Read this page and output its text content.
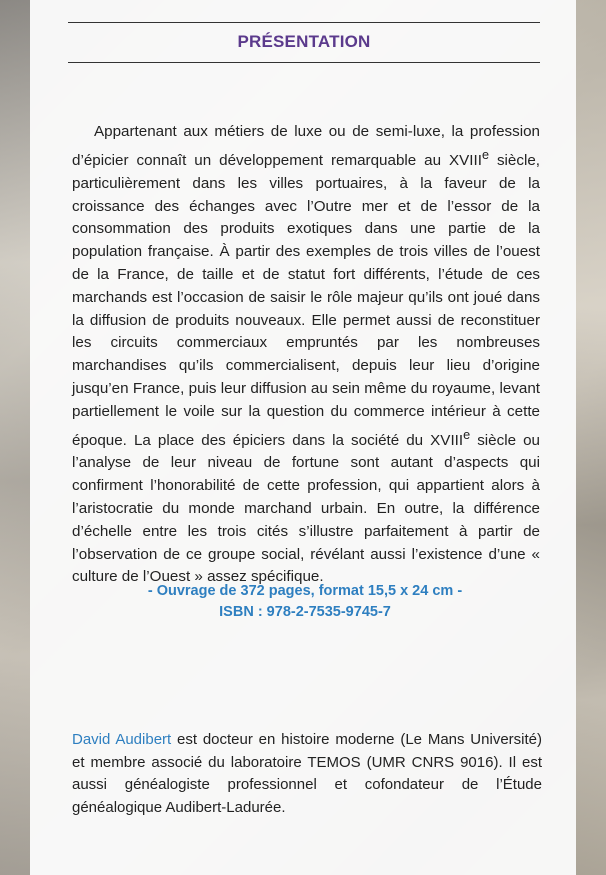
PRÉSENTATION

Appartenant aux métiers de luxe ou de semi-luxe, la profession d’épicier connaît un développement remarquable au XVIIIe siècle, particulièrement dans les villes portuaires, à la faveur de la croissance des échanges avec l’Outre mer et de l’essor de la consommation des produits exotiques dans une partie de la population française. À partir des exemples de trois villes de l’ouest de la France, de taille et de statut fort différents, l’étude de ces marchands est l’occasion de saisir le rôle majeur qu’ils ont joué dans la diffusion de produits nouveaux. Elle permet aussi de reconstituer les circuits commerciaux empruntés par les nombreuses marchandises qu’ils commercialisent, depuis leur lieu d’origine jusqu’en France, puis leur diffusion au sein même du royaume, levant partiellement le voile sur la question du commerce intérieur à cette époque. La place des épiciers dans la société du XVIIIe siècle ou l’analyse de leur niveau de fortune sont autant d’aspects qui confirment l’honorabilité de cette profession, qui appartient alors à l’aristocratie du monde marchand urbain. En outre, la différence d’échelle entre les trois cités s’illustre parfaitement à partir de l’observation de ce groupe social, révélant aussi l’existence d’une « culture de l’Ouest » assez spécifique.

- Ouvrage de 372 pages, format 15,5 x 24 cm -
ISBN : 978-2-7535-9745-7

David Audibert est docteur en histoire moderne (Le Mans Université) et membre associé du laboratoire TEMOS (UMR CNRS 9016). Il est aussi généalogiste professionnel et cofondateur de l’Étude généalogique Audibert-Ladurée.
